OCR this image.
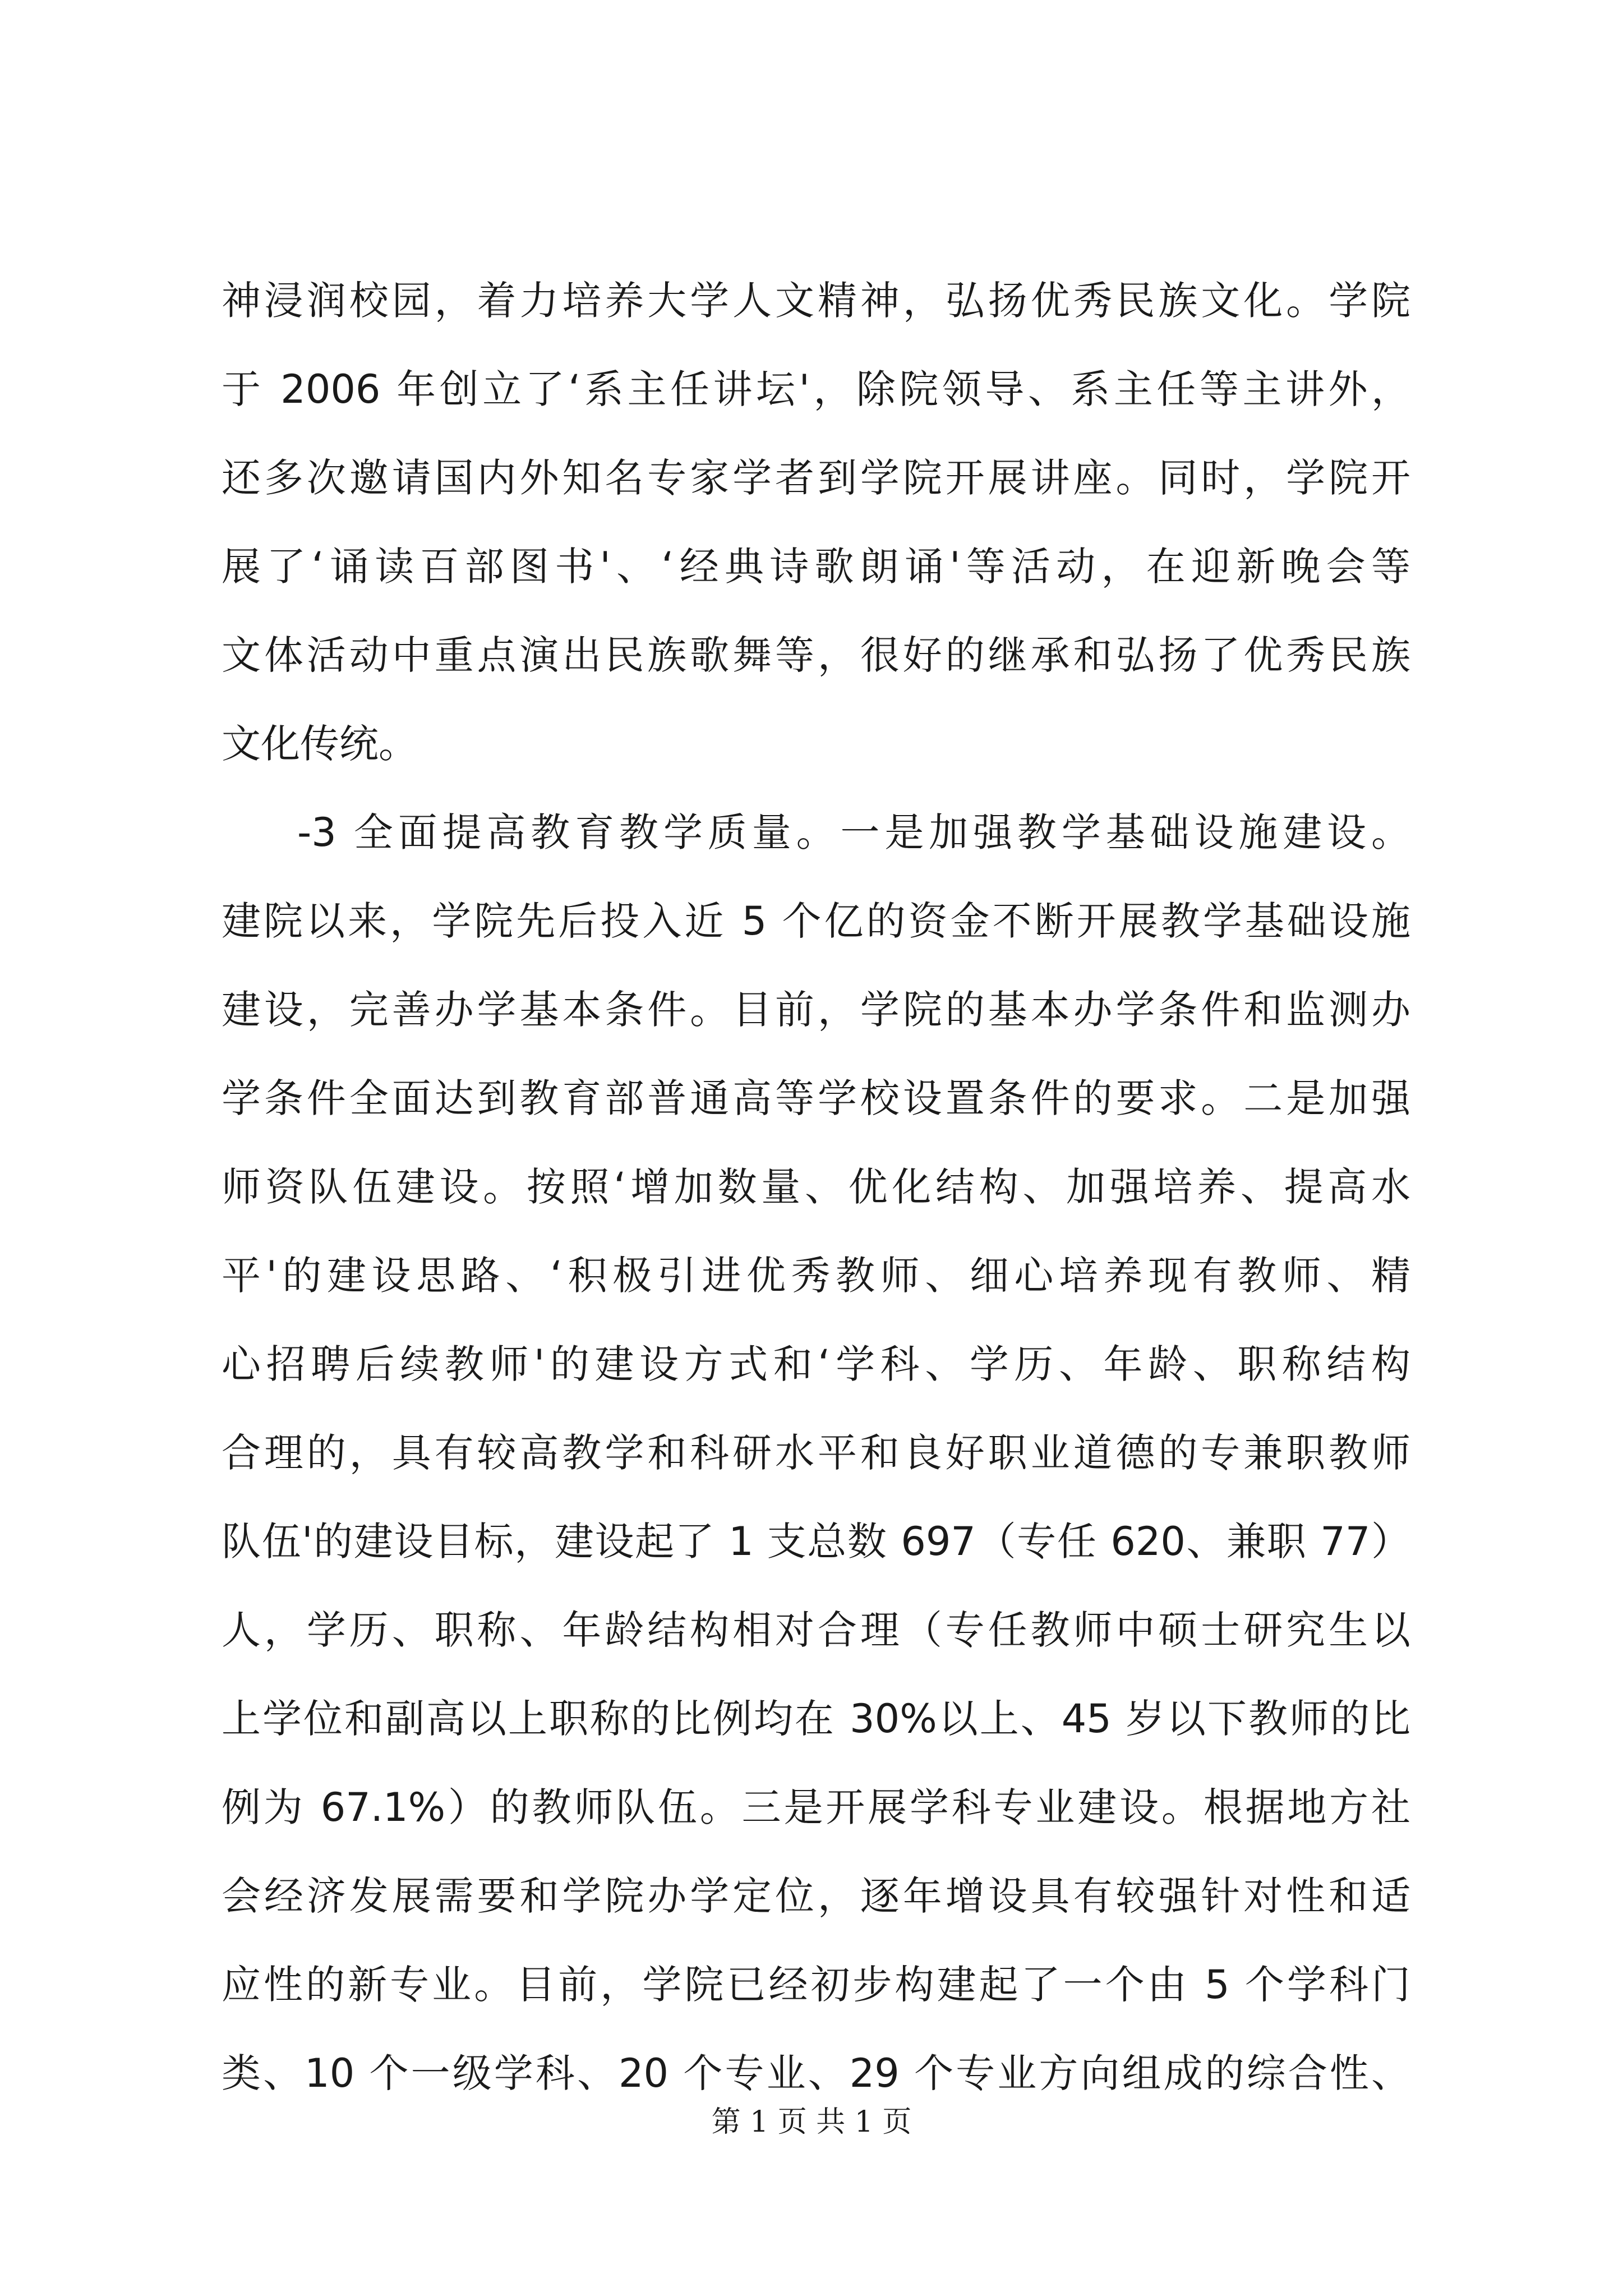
神浸润校园，着力培养大学人文精神，弘扬优秀民族文化。学院
于 2006 年创立了‘系主任讲坛'，除院领导、系主任等主讲外，
还多次邀请国内外知名专家学者到学院开展讲座。同时，学院开
展了‘诵读百部图书'、‘经典诗歌朗诵'等活动，在迎新晚会等
文体活动中重点演出民族歌舞等，很好的继承和弘扬了优秀民族
文化传统。
-3 全面提高教育教学质量。一是加强教学基础设施建设。
建院以来，学院先后投入近 5 个亿的资金不断开展教学基础设施
建设，完善办学基本条件。目前，学院的基本办学条件和监测办
学条件全面达到教育部普通高等学校设置条件的要求。二是加强
师资队伍建设。按照‘增加数量、优化结构、加强培养、提高水
平'的建设思路、‘积极引进优秀教师、细心培养现有教师、精
心招聘后续教师'的建设方式和‘学科、学历、年龄、职称结构
合理的，具有较高教学和科研水平和良好职业道德的专兼职教师
队伍'的建设目标，建设起了 1 支总数 697（专任 620、兼职 77）
人，学历、职称、年龄结构相对合理（专任教师中硕士研究生以
上学位和副高以上职称的比例均在 30%以上、45 岁以下教师的比
例为 67.1%）的教师队伍。三是开展学科专业建设。根据地方社
会经济发展需要和学院办学定位，逐年增设具有较强针对性和适
应性的新专业。目前，学院已经初步构建起了一个由 5 个学科门
类、10 个一级学科、20 个专业、29 个专业方向组成的综合性、
第 1 页 共 1 页
